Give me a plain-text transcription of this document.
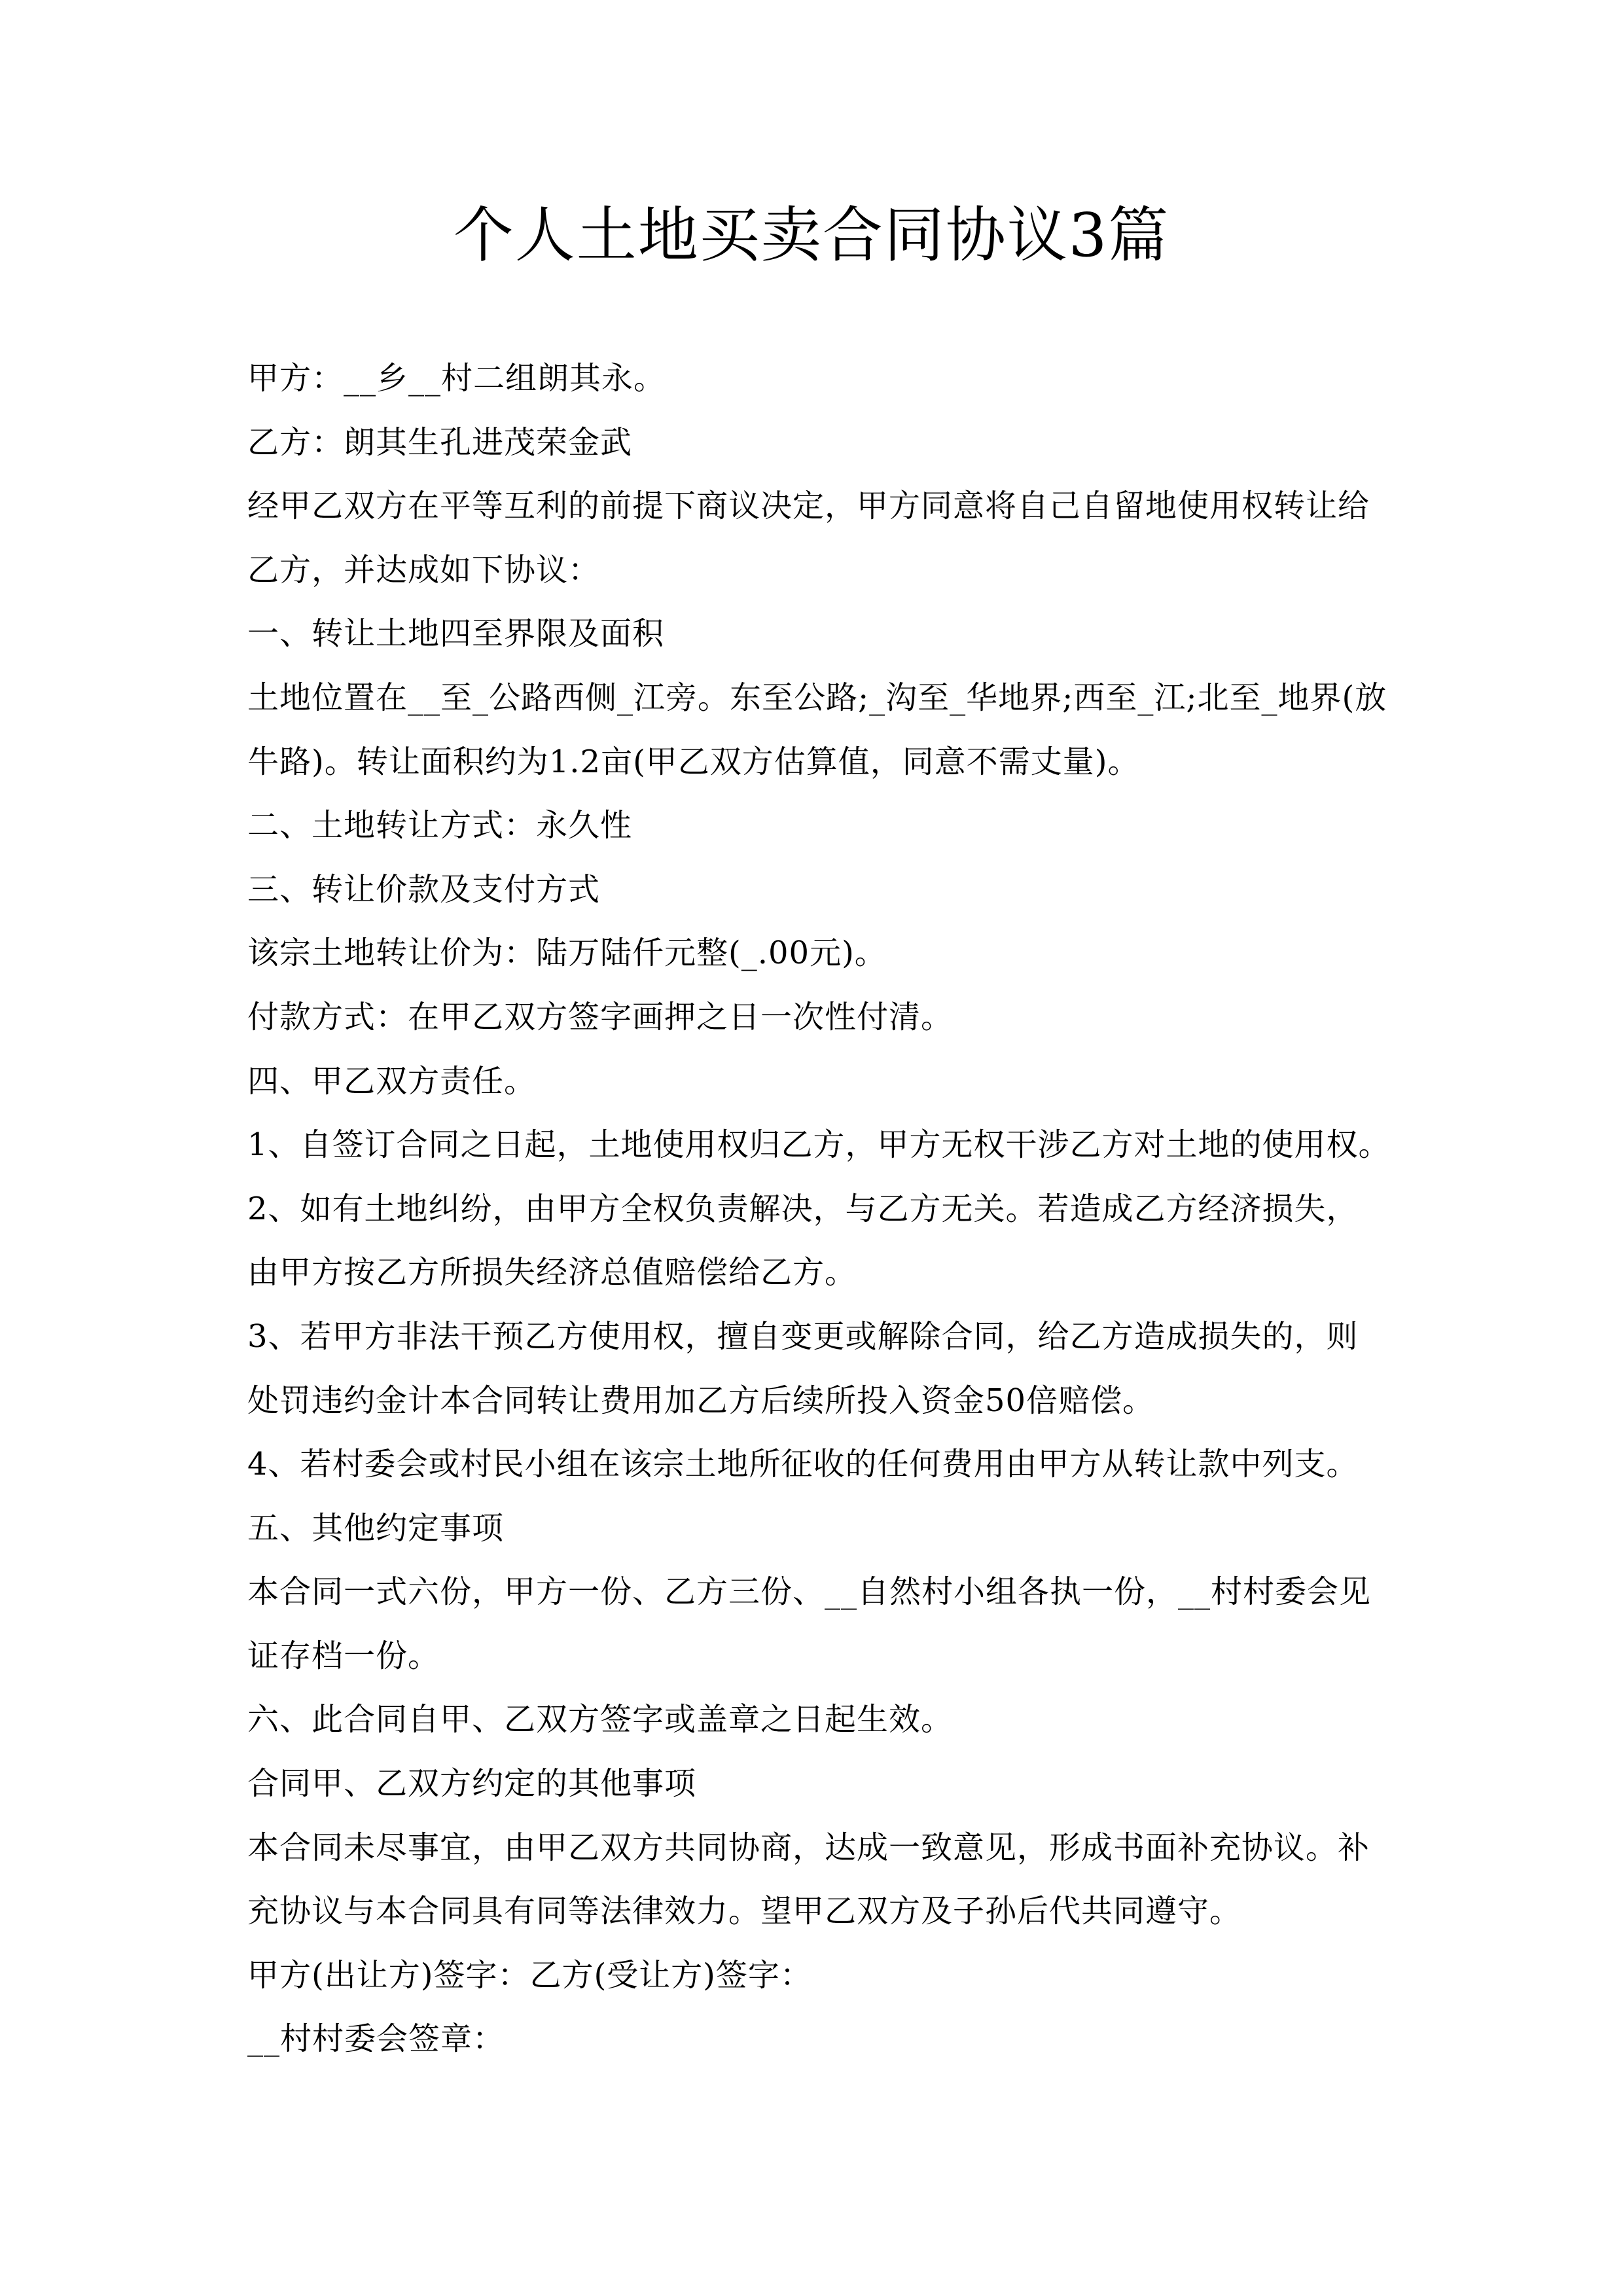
个人土地买卖合同协议3篇

甲方：__乡__村二组朗其永。

乙方：朗其生孔进茂荣金武

经甲乙双方在平等互利的前提下商议决定，甲方同意将自己自留地使用权转让给

乙方，并达成如下协议：

一、转让土地四至界限及面积

土地位置在__至_公路西侧_江旁。东至公路;_沟至_华地界;西至_江;北至_地界(放

牛路)。转让面积约为1.2亩(甲乙双方估算值，同意不需丈量)。

二、土地转让方式：永久性

三、转让价款及支付方式

该宗土地转让价为：陆万陆仟元整(_.00元)。

付款方式：在甲乙双方签字画押之日一次性付清。

四、甲乙双方责任。

1、自签订合同之日起，土地使用权归乙方，甲方无权干涉乙方对土地的使用权。

2、如有土地纠纷，由甲方全权负责解决，与乙方无关。若造成乙方经济损失，

由甲方按乙方所损失经济总值赔偿给乙方。

3、若甲方非法干预乙方使用权，擅自变更或解除合同，给乙方造成损失的，则

处罚违约金计本合同转让费用加乙方后续所投入资金50倍赔偿。

4、若村委会或村民小组在该宗土地所征收的任何费用由甲方从转让款中列支。

五、其他约定事项

本合同一式六份，甲方一份、乙方三份、__自然村小组各执一份，__村村委会见

证存档一份。

六、此合同自甲、乙双方签字或盖章之日起生效。

合同甲、乙双方约定的其他事项

本合同未尽事宜，由甲乙双方共同协商，达成一致意见，形成书面补充协议。补

充协议与本合同具有同等法律效力。望甲乙双方及子孙后代共同遵守。

甲方(出让方)签字：乙方(受让方)签字：

__村村委会签章：
